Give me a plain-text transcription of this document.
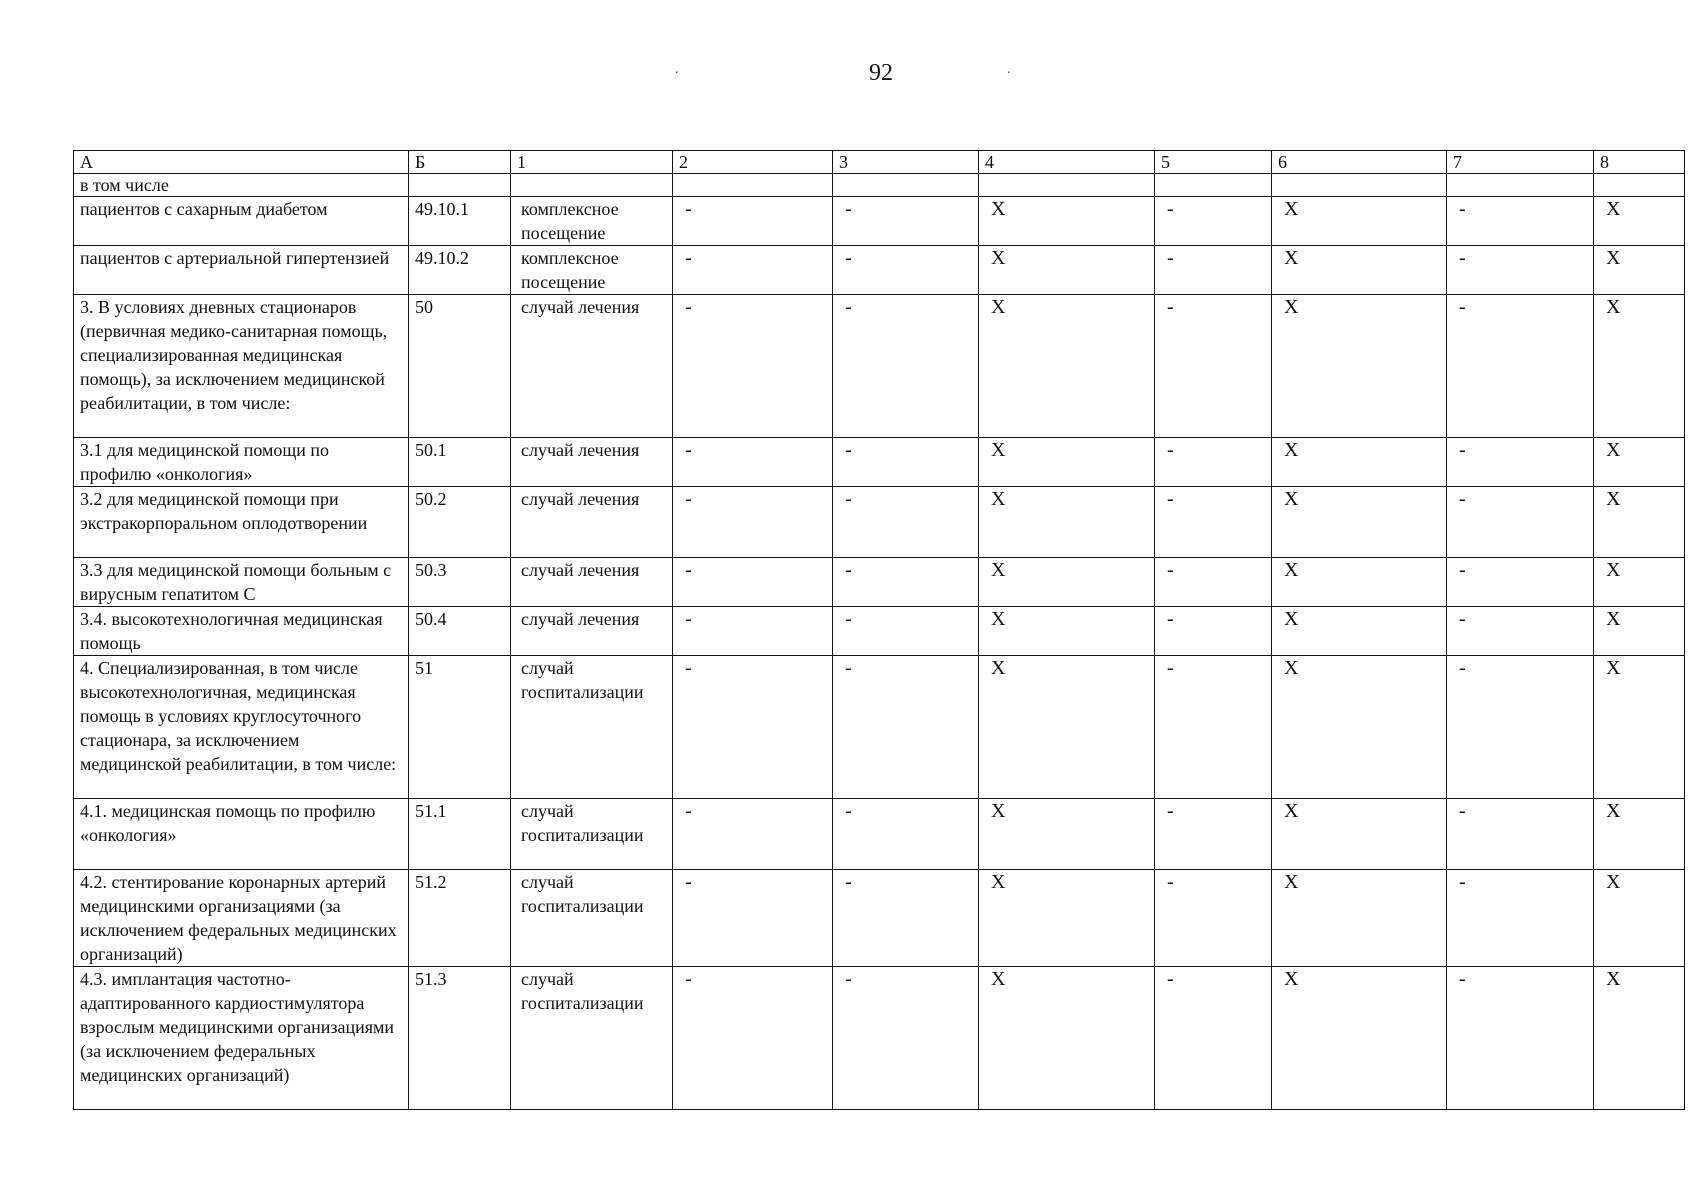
92
.	.
А	Б	1	2	3	4	5	6	7	8
в том числе									
пациентов с сахарным диабетом	49.10.1	комплексное посещение	-	-	Х	-	Х	-	Х
пациентов с артериальной гипертензией	49.10.2	комплексное посещение	-	-	Х	-	Х	-	Х
3. В условиях дневных стационаров (первичная медико-санитарная помощь, специализированная медицинская помощь), за исключением медицинской реабилитации, в том числе:	50	случай лечения	-	-	Х	-	Х	-	Х
3.1 для медицинской помощи по профилю «онкология»	50.1	случай лечения	-	-	Х	-	Х	-	Х
3.2 для медицинской помощи при экстракорпоральном оплодотворении	50.2	случай лечения	-	-	Х	-	Х	-	Х
3.3 для медицинской помощи больным с вирусным гепатитом С	50.3	случай лечения	-	-	Х	-	Х	-	Х
3.4. высокотехнологичная медицинская помощь	50.4	случай лечения	-	-	Х	-	Х	-	Х
4. Специализированная, в том числе высокотехнологичная, медицинская помощь в условиях круглосуточного стационара, за исключением медицинской реабилитации, в том числе:	51	случай госпитализации	-	-	Х	-	Х	-	Х
4.1. медицинская помощь по профилю «онкология»	51.1	случай госпитализации	-	-	Х	-	Х	-	Х
4.2. стентирование коронарных артерий медицинскими организациями (за исключением федеральных медицинских организаций)	51.2	случай госпитализации	-	-	Х	-	Х	-	Х
4.3. имплантация частотно-адаптированного кардиостимулятора взрослым медицинскими организациями (за исключением федеральных медицинских организаций)	51.3	случай госпитализации	-	-	Х	-	Х	-	Х
